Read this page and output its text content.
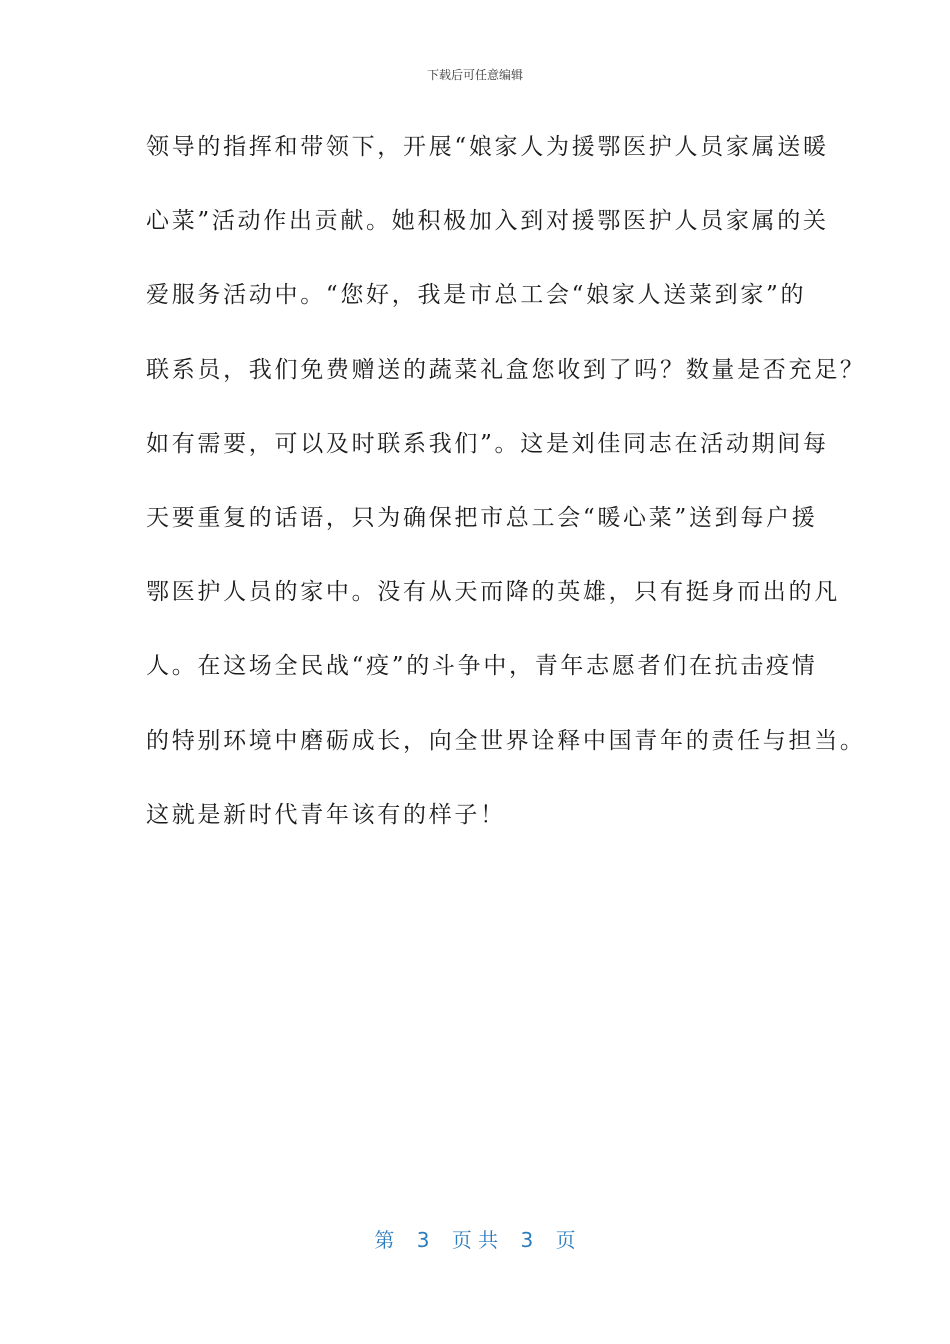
下载后可任意编辑
领导的指挥和带领下，开展“娘家人为援鄂医护人员家属送暖
心菜”活动作出贡献。她积极加入到对援鄂医护人员家属的关
爱服务活动中。“您好，我是市总工会“娘家人送菜到家”的
联系员，我们免费赠送的蔬菜礼盒您收到了吗？数量是否充足？
如有需要，可以及时联系我们”。这是刘佳同志在活动期间每
天要重复的话语，只为确保把市总工会“暖心菜”送到每户援
鄂医护人员的家中。没有从天而降的英雄，只有挺身而出的凡
人。在这场全民战“疫”的斗争中，青年志愿者们在抗击疫情
的特别环境中磨砺成长，向全世界诠释中国青年的责任与担当。
这就是新时代青年该有的样子！
第 3 页 共 3 页
